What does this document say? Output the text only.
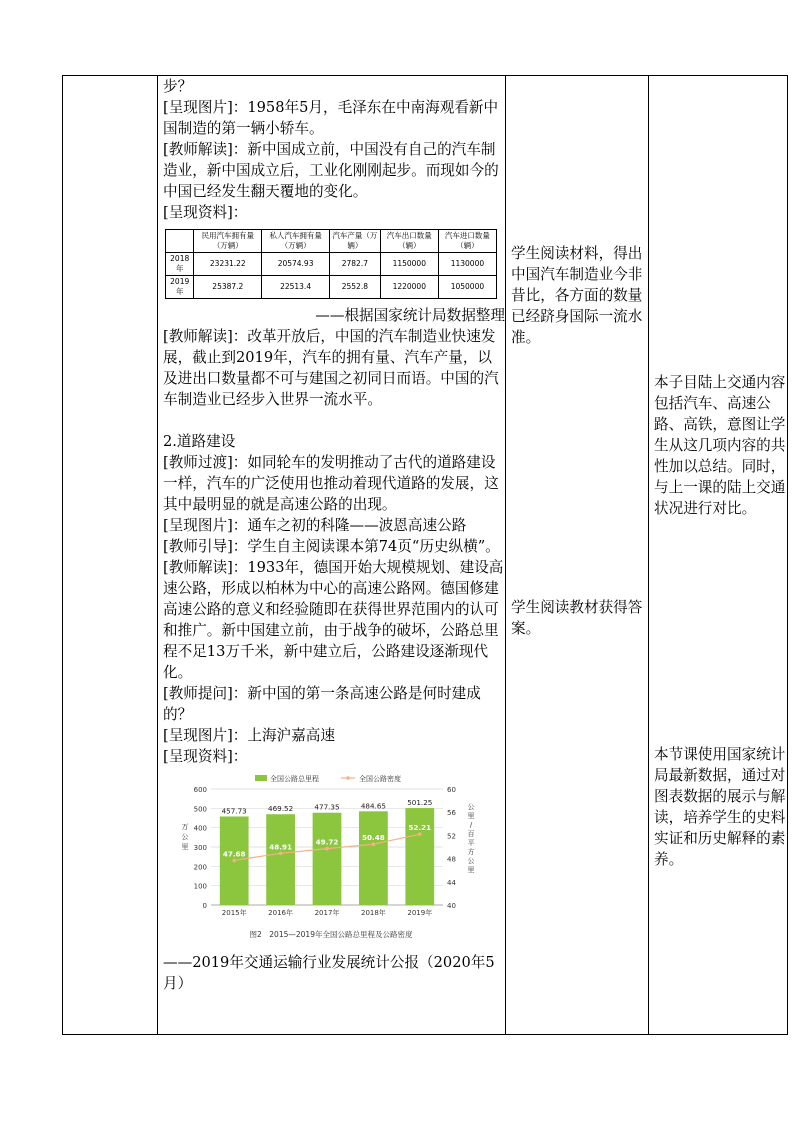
步？
[呈现图片]：1958年5月，毛泽东在中南海观看新中国制造的第一辆小轿车。
[教师解读]：新中国成立前，中国没有自己的汽车制造业，新中国成立后，工业化刚刚起步。而现如今的中国已经发生翻天覆地的变化。
[呈现资料]：
	民用汽车拥有量（万辆）	私人汽车拥有量（万辆）	汽车产量（万辆）	汽车出口数量（辆）	汽车进口数量（辆）
2018年	23231.22	20574.93	2782.7	1150000	1130000
2019年	25387.2	22513.4	2552.8	1220000	1050000
——根据国家统计局数据整理
[教师解读]：改革开放后，中国的汽车制造业快速发展，截止到2019年，汽车的拥有量、汽车产量，以及进出口数量都不可与建国之初同日而语。中国的汽车制造业已经步入世界一流水平。
2.道路建设
[教师过渡]：如同轮车的发明推动了古代的道路建设一样，汽车的广泛使用也推动着现代道路的发展，这其中最明显的就是高速公路的出现。
[呈现图片]：通车之初的科隆——波恩高速公路
[教师引导]：学生自主阅读课本第74页“历史纵横”。
[教师解读]：1933年，德国开始大规模规划、建设高速公路，形成以柏林为中心的高速公路网。德国修建高速公路的意义和经验随即在获得世界范围内的认可和推广。新中国建立前，由于战争的破坏，公路总里程不足13万千米，新中建立后，公路建设逐渐现代化。
[教师提问]：新中国的第一条高速公路是何时建成的？
[呈现图片]：上海沪嘉高速
[呈现资料]：
0
100
200
300
400
500
600
40
44
48
52
56
60
万
公
里
公
里
/
百
平
方
公
里
457.73
2015年
469.52
2016年
477.35
2017年
484.65
2018年
501.25
2019年
47.68
48.91
49.72	50.48
52.21
全国公路总里程	全国公路密度
图2　2015—2019年全国公路总里程及公路密度
——2019年交通运输行业发展统计公报（2020年5月）
学生阅读材料，得出中国汽车制造业今非昔比，各方面的数量已经跻身国际一流水准。
学生阅读教材获得答案。
本子目陆上交通内容包括汽车、高速公路、高铁，意图让学生从这几项内容的共性加以总结。同时，与上一课的陆上交通状况进行对比。
本节课使用国家统计局最新数据，通过对图表数据的展示与解读，培养学生的史料实证和历史解释的素养。
